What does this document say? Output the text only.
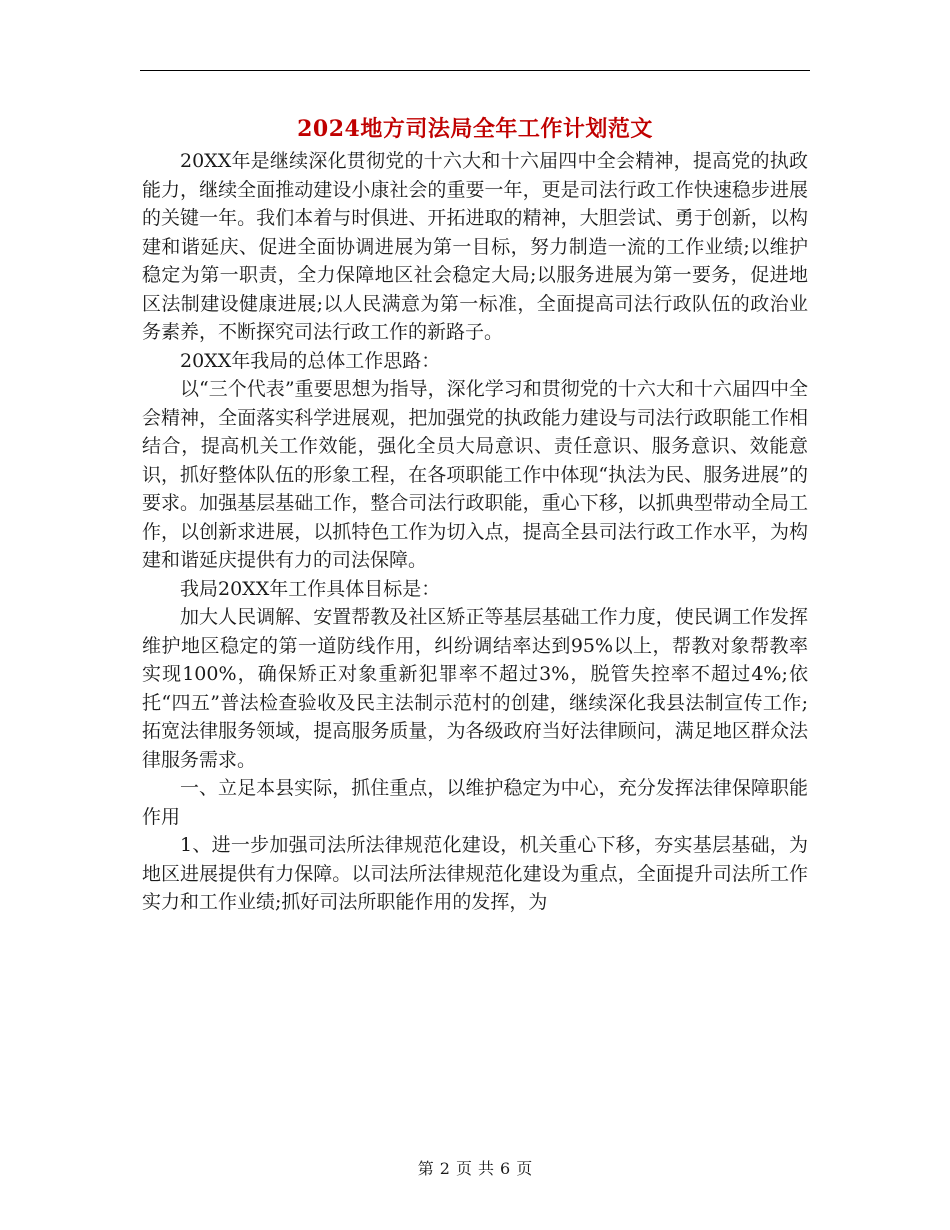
2024地方司法局全年工作计划范文

20XX年是继续深化贯彻党的十六大和十六届四中全会精神，提高党的执政能力，继续全面推动建设小康社会的重要一年，更是司法行政工作快速稳步进展的关键一年。我们本着与时俱进、开拓进取的精神，大胆尝试、勇于创新，以构建和谐延庆、促进全面协调进展为第一目标，努力制造一流的工作业绩;以维护稳定为第一职责，全力保障地区社会稳定大局;以服务进展为第一要务，促进地区法制建设健康进展;以人民满意为第一标准，全面提高司法行政队伍的政治业务素养，不断探究司法行政工作的新路子。

20XX年我局的总体工作思路：

以“三个代表”重要思想为指导，深化学习和贯彻党的十六大和十六届四中全会精神，全面落实科学进展观，把加强党的执政能力建设与司法行政职能工作相结合，提高机关工作效能，强化全员大局意识、责任意识、服务意识、效能意识，抓好整体队伍的形象工程，在各项职能工作中体现“执法为民、服务进展”的要求。加强基层基础工作，整合司法行政职能，重心下移，以抓典型带动全局工作，以创新求进展，以抓特色工作为切入点，提高全县司法行政工作水平，为构建和谐延庆提供有力的司法保障。

我局20XX年工作具体目标是：

加大人民调解、安置帮教及社区矫正等基层基础工作力度，使民调工作发挥维护地区稳定的第一道防线作用，纠纷调结率达到95%以上，帮教对象帮教率实现100%，确保矫正对象重新犯罪率不超过3%，脱管失控率不超过4%;依托“四五”普法检查验收及民主法制示范村的创建，继续深化我县法制宣传工作;拓宽法律服务领域，提高服务质量，为各级政府当好法律顾问，满足地区群众法律服务需求。

一、立足本县实际，抓住重点，以维护稳定为中心，充分发挥法律保障职能作用

1、进一步加强司法所法律规范化建设，机关重心下移，夯实基层基础，为地区进展提供有力保障。以司法所法律规范化建设为重点，全面提升司法所工作实力和工作业绩;抓好司法所职能作用的发挥，为

第 2 页 共 6 页
